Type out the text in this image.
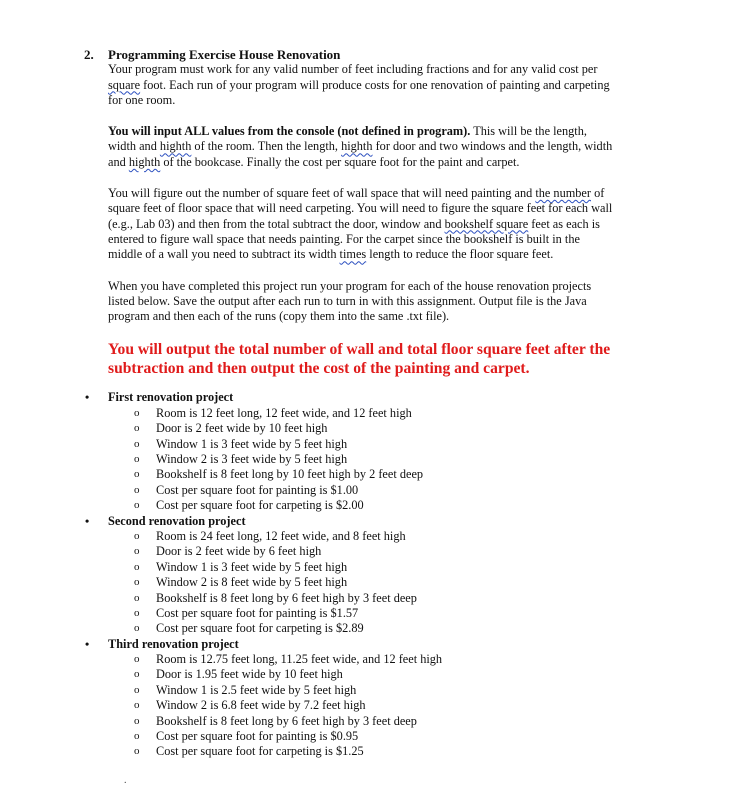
2. Programming Exercise House Renovation

Your program must work for any valid number of feet including fractions and for any valid cost per

square foot. Each run of your program will produce costs for one renovation of painting and carpeting

for one room.

You will input ALL values from the console (not defined in program). This will be the length,

width and highth of the room. Then the length, highth for door and two windows and the length, width

and highth of the bookcase. Finally the cost per square foot for the paint and carpet.

You will figure out the number of square feet of wall space that will need painting and the number of

square feet of floor space that will need carpeting. You will need to figure the square feet for each wall

(e.g., Lab 03) and then from the total subtract the door, window and bookshelf square feet as each is

entered to figure wall space that needs painting. For the carpet since the bookshelf is built in the

middle of a wall you need to subtract its width times length to reduce the floor square feet.

When you have completed this project run your program for each of the house renovation projects

listed below. Save the output after each run to turn in with this assignment. Output file is the Java

program and then each of the runs (copy them into the same .txt file).

You will output the total number of wall and total floor square feet after the

subtraction and then output the cost of the painting and carpet.

• First renovation project
o Room is 12 feet long, 12 feet wide, and 12 feet high
o Door is 2 feet wide by 10 feet high
o Window 1 is 3 feet wide by 5 feet high
o Window 2 is 3 feet wide by 5 feet high
o Bookshelf is 8 feet long by 10 feet high by 2 feet deep
o Cost per square foot for painting is $1.00
o Cost per square foot for carpeting is $2.00
• Second renovation project
o Room is 24 feet long, 12 feet wide, and 8 feet high
o Door is 2 feet wide by 6 feet high
o Window 1 is 3 feet wide by 5 feet high
o Window 2 is 8 feet wide by 5 feet high
o Bookshelf is 8 feet long by 6 feet high by 3 feet deep
o Cost per square foot for painting is $1.57
o Cost per square foot for carpeting is $2.89
• Third renovation project
o Room is 12.75 feet long, 11.25 feet wide, and 12 feet high
o Door is 1.95 feet wide by 10 feet high
o Window 1 is 2.5 feet wide by 5 feet high
o Window 2 is 6.8 feet wide by 7.2 feet high
o Bookshelf is 8 feet long by 6 feet high by 3 feet deep
o Cost per square foot for painting is $0.95
o Cost per square foot for carpeting is $1.25
.
